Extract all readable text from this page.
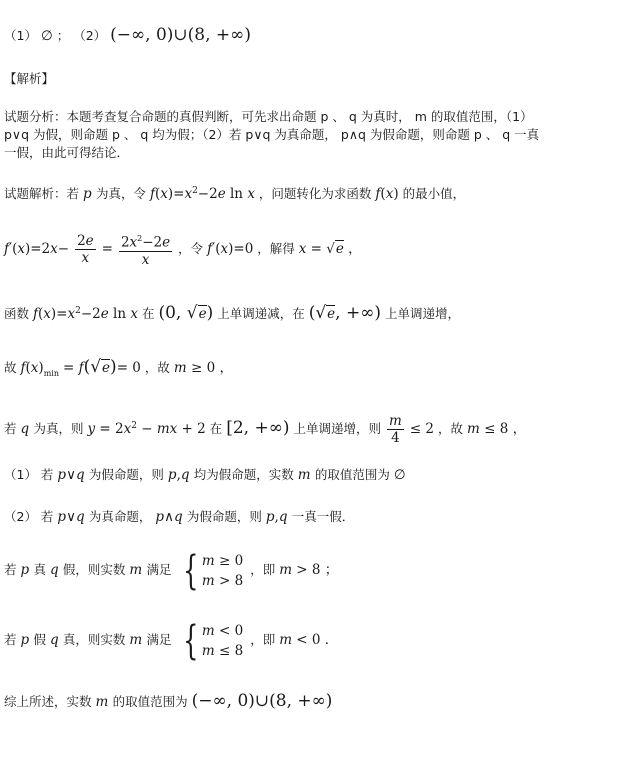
（1） ∅ ； （2） (−∞, 0)∪(8, +∞)
【解析】
试题分析：本题考查复合命题的真假判断，可先求出命题 p 、 q 为真时， m 的取值范围，（1）
p∨q 为假，则命题 p 、 q 均为假；（2）若 p∨q 为真命题， p∧q 为假命题，则命题 p 、 q 一真
一假，由此可得结论．
试题解析：若 p 为真，令 $f(x)=x^2-2e$ ln x ，问题转化为求函数 f(x) 的最小值，
$f'(x)=2x- \frac{2e}{x} = \frac{2x^2-2e}{x}$ ，令 f′(x)=0 ，解得 x = √e ，
函数 $f(x)=x^2-2e$ ln x 在 (0, √e) 上单调递减，在 (√e, +∞) 上单调递增，
故 $f(x)_{min} = f(√e)= 0$ ，故 m ≥ 0 ，
若 q 为真，则 $y = 2x^2$ − mx + 2 在 [2, +∞) 上单调递增，则 $\frac{m}{4} \le 2$ ，故 m ≤ 8 ，
（1） 若 p∨q 为假命题，则 p,q 均为假命题，实数 m 的取值范围为 ∅
（2） 若 p∨q 为真命题， p∧q 为假命题，则 p,q 一真一假．
若 p 真 q 假，则实数 m 满足 { m ≥ 0
m > 8
，即 m > 8 ；
若 p 假 q 真，则实数 m 满足 { m < 0
m ≤ 8
，即 m < 0 ．
综上所述，实数 m 的取值范围为 (−∞, 0)∪(8, +∞)
